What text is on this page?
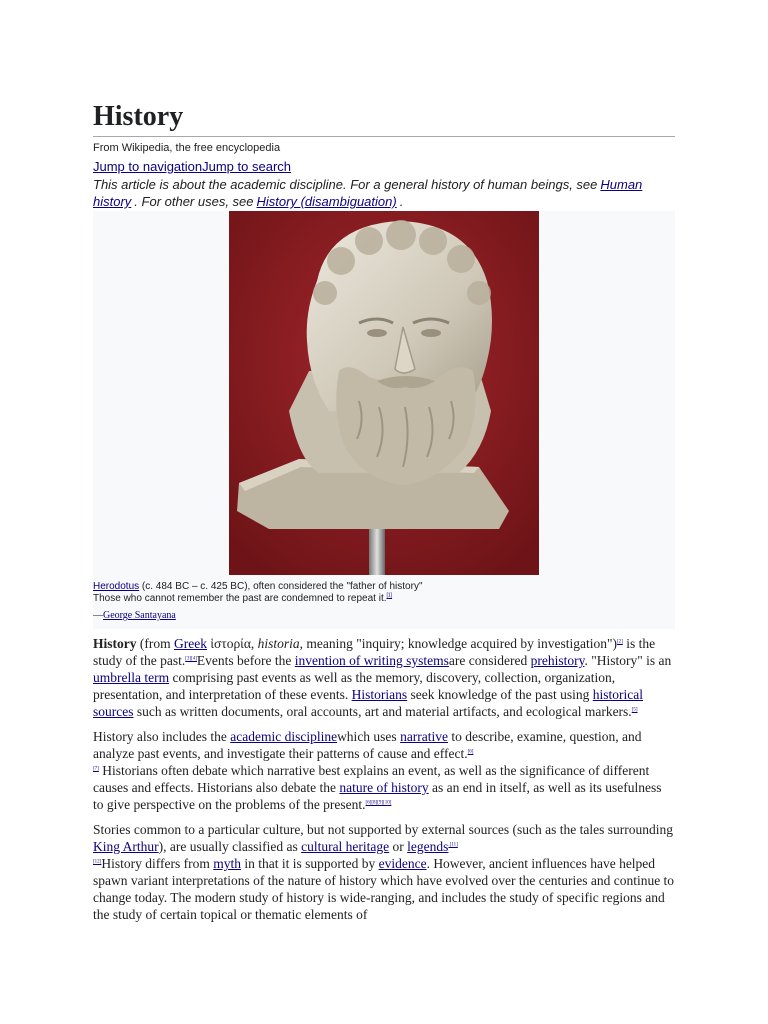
History
From Wikipedia, the free encyclopedia
Jump to navigationJump to search
This article is about the academic discipline. For a general history of human beings, see Human history . For other uses, see History (disambiguation) .
Herodotus (c. 484 BC – c. 425 BC), often considered the "father of history"
Those who cannot remember the past are condemned to repeat it.[1]
—George Santayana

History (from Greek ἱστορία, historia, meaning "inquiry; knowledge acquired by investigation")[2] is the study of the past.[3][4]Events before the invention of writing systemsare considered prehistory. "History" is an umbrella term comprising past events as well as the memory, discovery, collection, organization, presentation, and interpretation of these events. Historians seek knowledge of the past using historical sources such as written documents, oral accounts, art and material artifacts, and ecological markers.[5]

History also includes the academic disciplinewhich uses narrative to describe, examine, question, and analyze past events, and investigate their patterns of cause and effect.[6]
[7] Historians often debate which narrative best explains an event, as well as the significance of different causes and effects. Historians also debate the nature of history as an end in itself, as well as its usefulness to give perspective on the problems of the present.[6][8][9][10]

Stories common to a particular culture, but not supported by external sources (such as the tales surrounding King Arthur), are usually classified as cultural heritage or legends$^{.[11]}$
[12]History differs from myth in that it is supported by evidence. However, ancient influences have helped spawn variant interpretations of the nature of history which have evolved over the centuries and continue to change today. The modern study of history is wide-ranging, and includes the study of specific regions and the study of certain topical or thematic elements of
